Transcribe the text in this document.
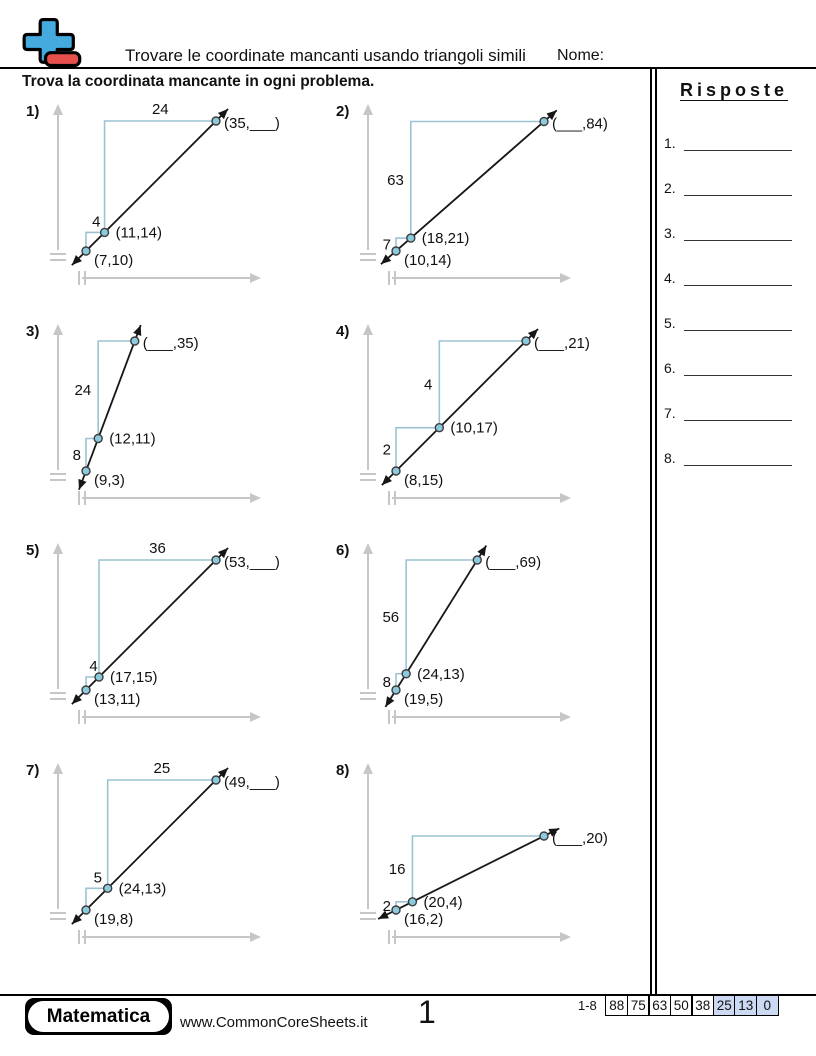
Trovare le coordinate mancanti usando triangoli simili Nome:
Trova la coordinata mancante in ogni problema.
1)
(7,10)
(11,14)
(35,___)
4
24	2)
(10,14)
(18,21)
(___,84)
7
63
3)
(9,3)
(12,11)
(___,35)
8
24
4)
(8,15)
(10,17)
(___,21)
2
4
5)
(13,11)
(17,15)
(53,___)
4
36	6)
(19,5)
(24,13)
(___,69)
8
56
7)
(19,8)
(24,13)
(49,___)
5
25	8)
(16,2)
(20,4)
(___,20)
2
16
Risposte
1.
2.
3.
4.
5.
6.
7.
8.
Matematica	www.CommonCoreSheets.it 1	1-8 88 75 63 50 38 25 13 0
